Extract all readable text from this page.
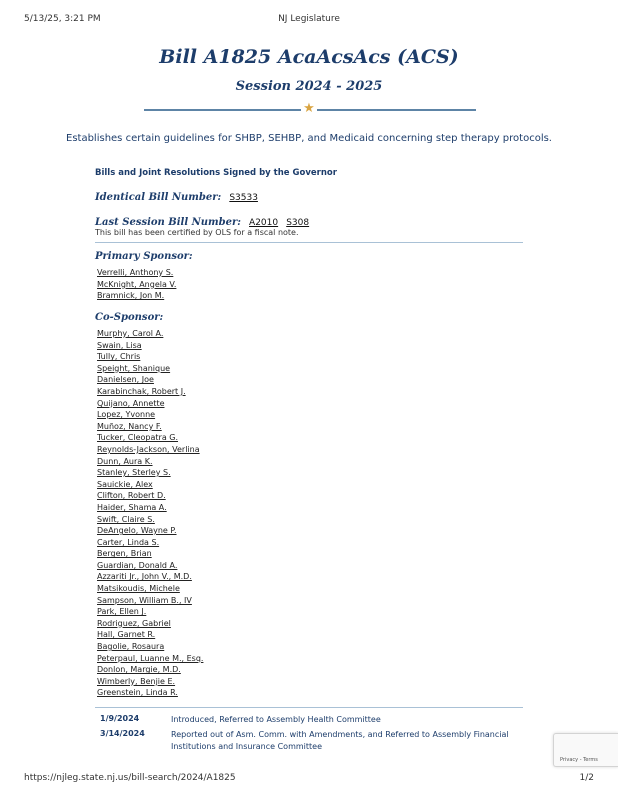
5/13/25, 3:21 PM	NJ Legislature
Bill A1825 AcaAcsAcs (ACS)
Session 2024 - 2025
★
Establishes certain guidelines for SHBP, SEHBP, and Medicaid concerning step therapy protocols.
Bills and Joint Resolutions Signed by the Governor
Identical Bill Number: S3533
Last Session Bill Number: A2010 S308
This bill has been certified by OLS for a fiscal note.
Primary Sponsor:
Verrelli, Anthony S.
McKnight, Angela V.
Bramnick, Jon M.
Co-Sponsor:
Murphy, Carol A.
Swain, Lisa
Tully, Chris
Speight, Shanique
Danielsen, Joe
Karabinchak, Robert J.
Quijano, Annette
Lopez, Yvonne
Muñoz, Nancy F.
Tucker, Cleopatra G.
Reynolds-Jackson, Verlina
Dunn, Aura K.
Stanley, Sterley S.
Sauickie, Alex
Clifton, Robert D.
Haider, Shama A.
Swift, Claire S.
DeAngelo, Wayne P.
Carter, Linda S.
Bergen, Brian
Guardian, Donald A.
Azzariti Jr., John V., M.D.
Matsikoudis, Michele
Sampson, William B., IV
Park, Ellen J.
Rodriguez, Gabriel
Hall, Garnet R.
Bagolie, Rosaura
Peterpaul, Luanne M., Esq.
Donlon, Margie, M.D.
Wimberly, Benjie E.
Greenstein, Linda R.
1/9/2024	Introduced, Referred to Assembly Health Committee
3/14/2024	Reported out of Asm. Comm. with Amendments, and Referred to Assembly Financial Institutions and Insurance Committee
Privacy - Terms
https://njleg.state.nj.us/bill-search/2024/A1825	1/2
